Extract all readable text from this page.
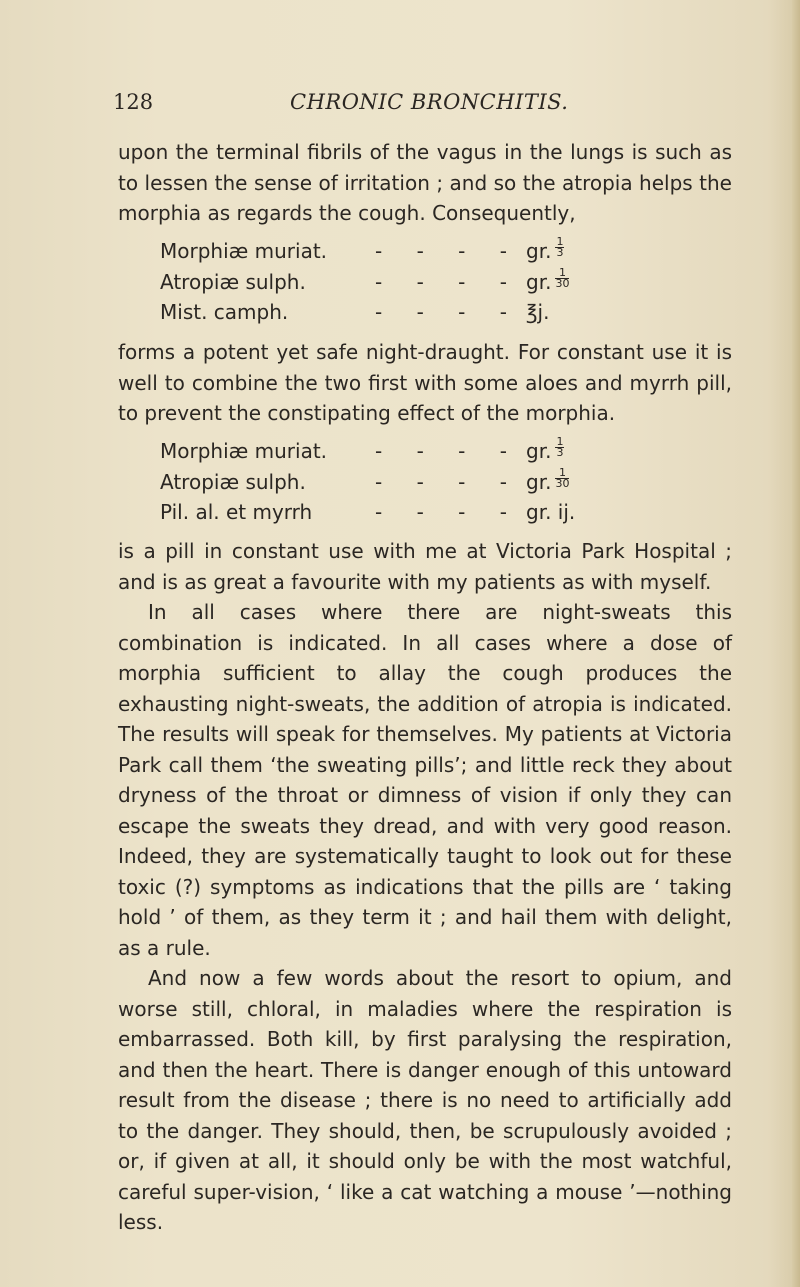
128	CHRONIC BRONCHITIS.

upon the terminal fibrils of the vagus in the lungs is such as to lessen the sense of irritation ; and so the atropia helps the morphia as regards the cough. Consequently,

Morphiæ muriat. - - - - gr. $\frac{1}{3}$
Atropiæ sulph.	- - - - gr. $\frac{1}{30}$
Mist. camph.	- - - - ℥j.

forms a potent yet safe night-draught. For constant use it is well to combine the two first with some aloes and myrrh pill, to prevent the constipating effect of the morphia.

Morphiæ muriat. - - - - gr. $\frac{1}{3}$
Atropiæ sulph.	- - - - gr. $\frac{1}{30}$
Pil. al. et myrrh	- - - - gr. ij.

is a pill in constant use with me at Victoria Park Hospital ; and is as great a favourite with my patients as with myself.

In all cases where there are night-sweats this combination is indicated. In all cases where a dose of morphia sufficient to allay the cough produces the exhausting night-sweats, the addition of atropia is indicated. The results will speak for themselves. My patients at Victoria Park call them ‘the sweating pills’; and little reck they about dryness of the throat or dimness of vision if only they can escape the sweats they dread, and with very good reason. Indeed, they are systematically taught to look out for these toxic (?) symptoms as indications that the pills are ‘ taking hold ’ of them, as they term it ; and hail them with delight, as a rule.

And now a few words about the resort to opium, and worse still, chloral, in maladies where the respiration is embarrassed. Both kill, by first paralysing the respiration, and then the heart. There is danger enough of this untoward result from the disease ; there is no need to artificially add to the danger. They should, then, be scrupulously avoided ; or, if given at all, it should only be with the most watchful, careful super-vision, ‘ like a cat watching a mouse ’—nothing less.
